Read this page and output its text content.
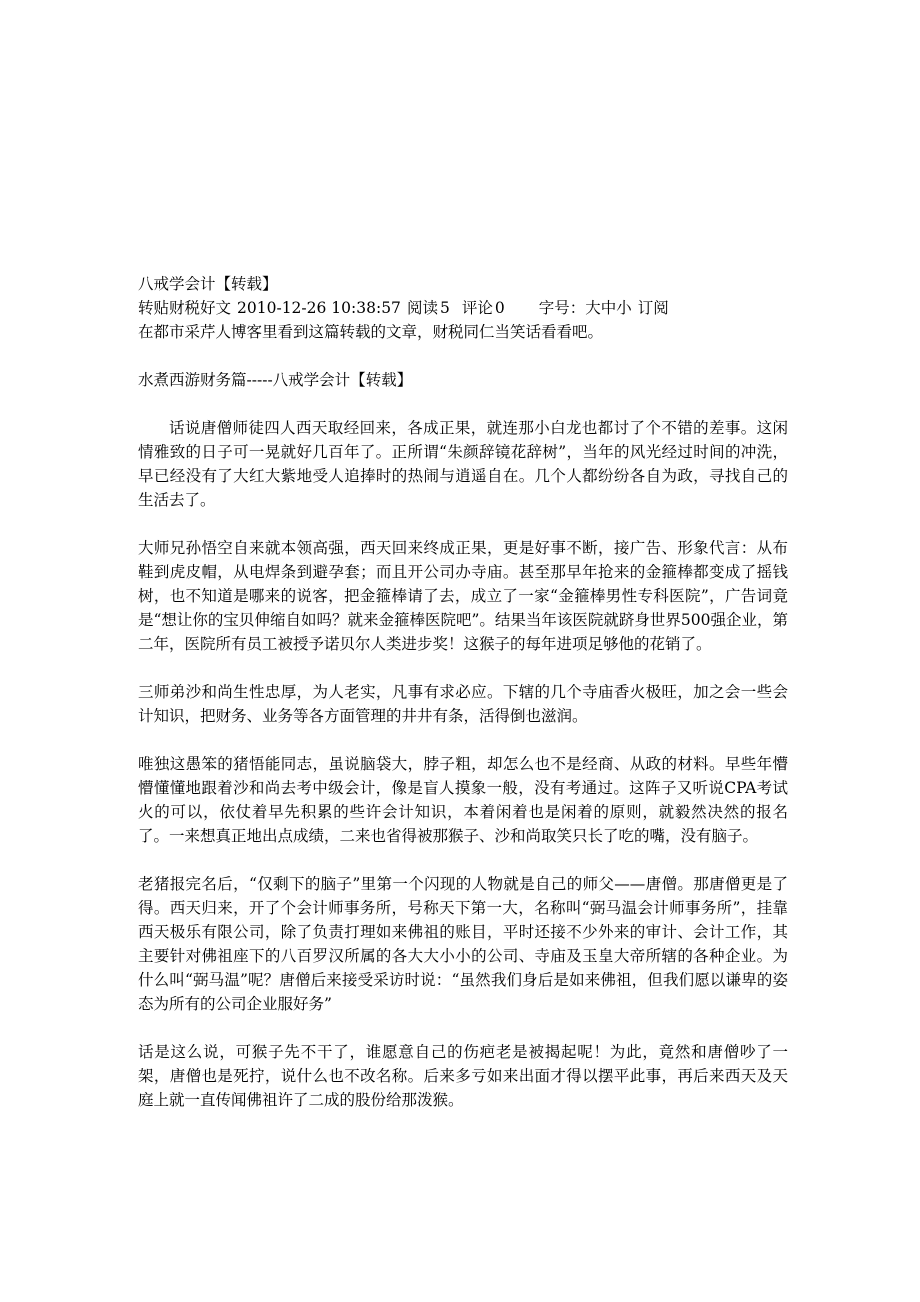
八戒学会计【转载】

转贴财税好文 2010-12-26 10:38:57 阅读 5 评论 0 字号：大中小 订阅

在都市采芹人博客里看到这篇转载的文章，财税同仁当笑话看看吧。

水煮西游财务篇-----八戒学会计【转载】

话说唐僧师徒四人西天取经回来，各成正果，就连那小白龙也都讨了个不错的差事。这闲情雅致的日子可一晃就好几百年了。正所谓“朱颜辞镜花辞树”，当年的风光经过时间的冲洗，早已经没有了大红大紫地受人追捧时的热闹与逍遥自在。几个人都纷纷各自为政，寻找自己的生活去了。

大师兄孙悟空自来就本领高强，西天回来终成正果，更是好事不断，接广告、形象代言：从布鞋到虎皮帽，从电焊条到避孕套；而且开公司办寺庙。甚至那早年抢来的金箍棒都变成了摇钱树，也不知道是哪来的说客，把金箍棒请了去，成立了一家“金箍棒男性专科医院”，广告词竟是“想让你的宝贝伸缩自如吗？就来金箍棒医院吧”。结果当年该医院就跻身世界500强企业，第二年，医院所有员工被授予诺贝尔人类进步奖！这猴子的每年进项足够他的花销了。

三师弟沙和尚生性忠厚，为人老实，凡事有求必应。下辖的几个寺庙香火极旺，加之会一些会计知识，把财务、业务等各方面管理的井井有条，活得倒也滋润。

唯独这愚笨的猪悟能同志，虽说脑袋大，脖子粗，却怎么也不是经商、从政的材料。早些年懵懵懂懂地跟着沙和尚去考中级会计，像是盲人摸象一般，没有考通过。这阵子又听说CPA考试火的可以，依仗着早先积累的些许会计知识，本着闲着也是闲着的原则，就毅然决然的报名了。一来想真正地出点成绩，二来也省得被那猴子、沙和尚取笑只长了吃的嘴，没有脑子。

老猪报完名后，“仅剩下的脑子”里第一个闪现的人物就是自己的师父——唐僧。那唐僧更是了得。西天归来，开了个会计师事务所，号称天下第一大，名称叫“弼马温会计师事务所”，挂靠西天极乐有限公司，除了负责打理如来佛祖的账目，平时还接不少外来的审计、会计工作，其主要针对佛祖座下的八百罗汉所属的各大大小小的公司、寺庙及玉皇大帝所辖的各种企业。为什么叫“弼马温”呢？唐僧后来接受采访时说：“虽然我们身后是如来佛祖，但我们愿以谦卑的姿态为所有的公司企业服好务”

话是这么说，可猴子先不干了，谁愿意自己的伤疤老是被揭起呢！为此，竟然和唐僧吵了一架，唐僧也是死拧，说什么也不改名称。后来多亏如来出面才得以摆平此事，再后来西天及天庭上就一直传闻佛祖许了二成的股份给那泼猴。
